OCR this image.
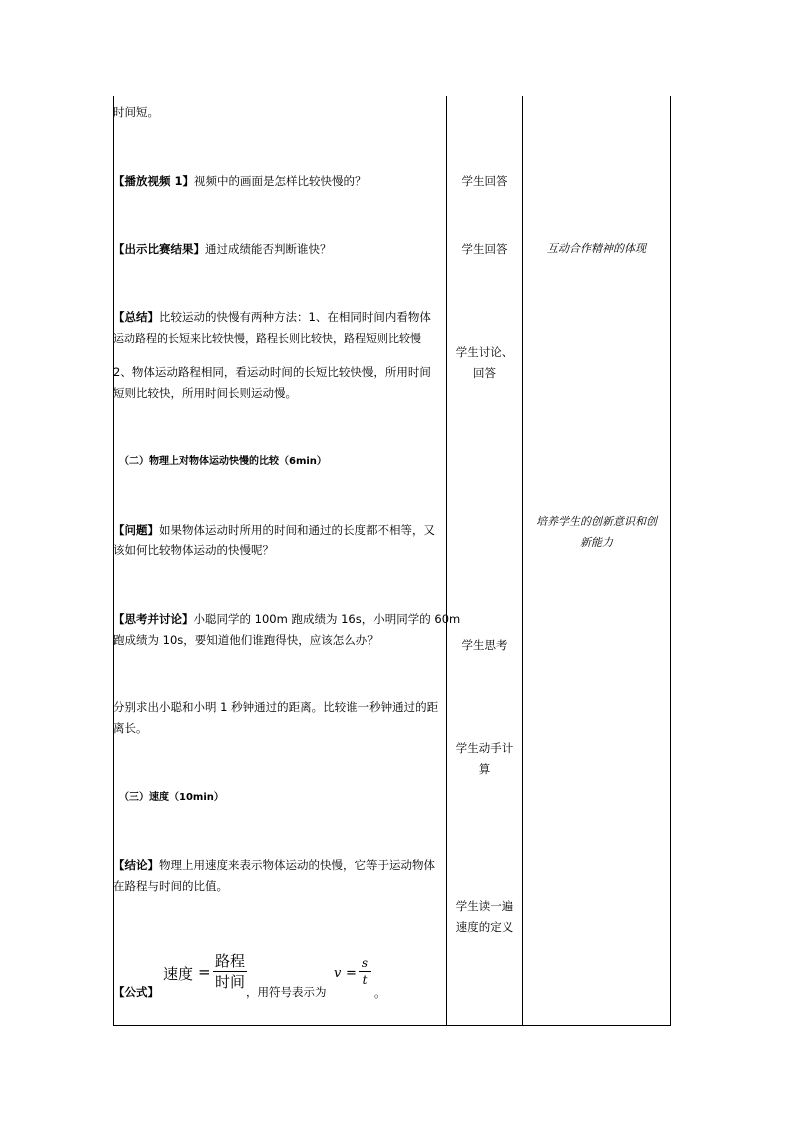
时间短。
【播放视频 1】视频中的画面是怎样比较快慢的？
【出示比赛结果】通过成绩能否判断谁快？
【总结】比较运动的快慢有两种方法：1、在相同时间内看物体
运动路程的长短来比较快慢，路程长则比较快，路程短则比较慢
2、物体运动路程相同，看运动时间的长短比较快慢，所用时间
短则比较快，所用时间长则运动慢。
（二）物理上对物体运动快慢的比较（6min）
【问题】如果物体运动时所用的时间和通过的长度都不相等，又
该如何比较物体运动的快慢呢？
【思考并讨论】小聪同学的 100m 跑成绩为 16s，小明同学的 60m
跑成绩为 10s，要知道他们谁跑得快，应该怎么办？
分别求出小聪和小明 1 秒钟通过的距离。比较谁一秒钟通过的距
离长。
（三）速度（10min）
【结论】物理上用速度来表示物体运动的快慢，它等于运动物体
在路程与时间的比值。
【公式】
速度 =
路程
时间
，用符号表示为
v =
s
t
。
学生回答
学生回答
学生讨论、
回答
学生思考
学生动手计
算
学生读一遍
速度的定义
互动合作精神的体现
培养学生的创新意识和创
新能力
